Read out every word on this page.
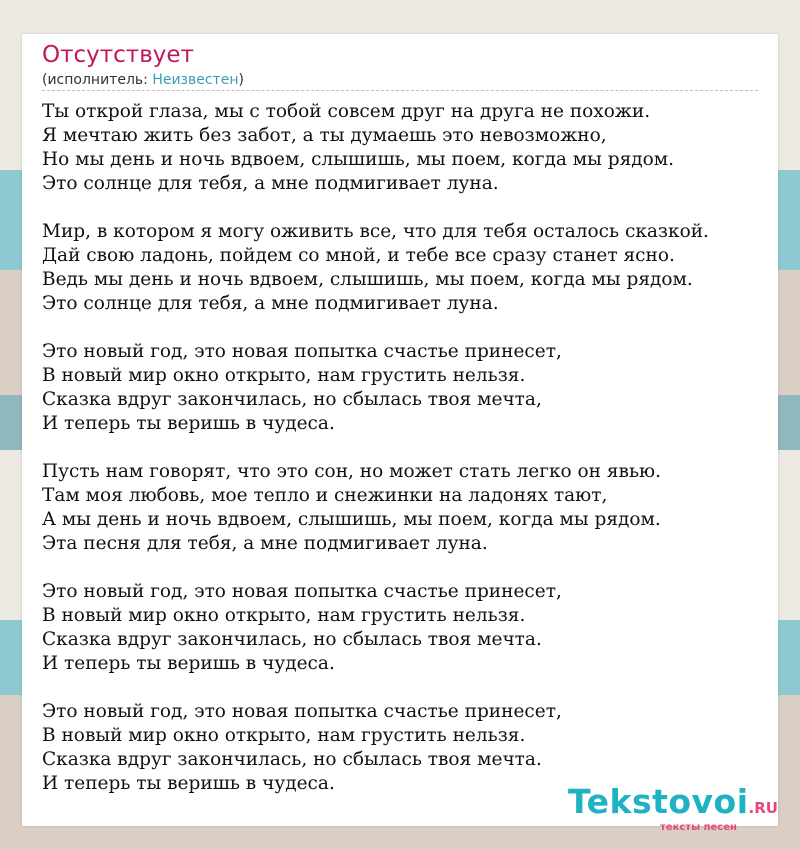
Отсутствует
(исполнитель: Неизвестен)
Ты открой глаза, мы с тобой совсем друг на друга не похожи.
Я мечтаю жить без забот, а ты думаешь это невозможно,
Но мы день и ночь вдвоем, слышишь, мы поем, когда мы рядом.
Это солнце для тебя, а мне подмигивает луна.
Мир, в котором я могу оживить все, что для тебя осталось сказкой.
Дай свою ладонь, пойдем со мной, и тебе все сразу станет ясно.
Ведь мы день и ночь вдвоем, слышишь, мы поем, когда мы рядом.
Это солнце для тебя, а мне подмигивает луна.
Это новый год, это новая попытка счастье принесет,
В новый мир окно открыто, нам грустить нельзя.
Сказка вдруг закончилась, но сбылась твоя мечта,
И теперь ты веришь в чудеса.
Пусть нам говорят, что это сон, но может стать легко он явью.
Там моя любовь, мое тепло и снежинки на ладонях тают,
А мы день и ночь вдвоем, слышишь, мы поем, когда мы рядом.
Эта песня для тебя, а мне подмигивает луна.
Это новый год, это новая попытка счастье принесет,
В новый мир окно открыто, нам грустить нельзя.
Сказка вдруг закончилась, но сбылась твоя мечта.
И теперь ты веришь в чудеса.
Это новый год, это новая попытка счастье принесет,
В новый мир окно открыто, нам грустить нельзя.
Сказка вдруг закончилась, но сбылась твоя мечта.
И теперь ты веришь в чудеса.	Tekstovoi.RU
тексты песен
